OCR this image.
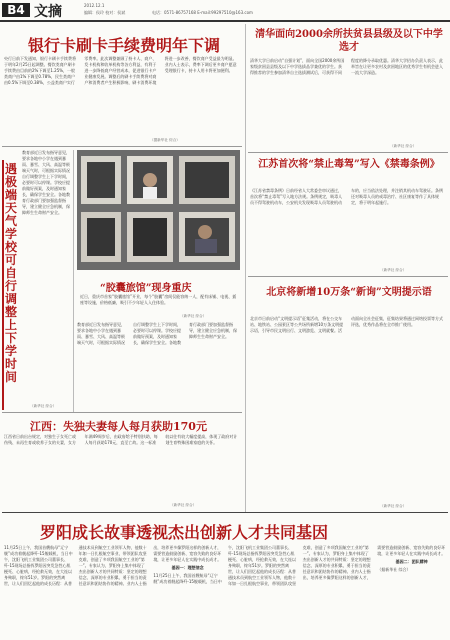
B4 文摘	2012.12.1
编辑：侯玲 校对：侯斌	电话：0571-86757168 E-mail:99297510@163.com
银行卡刷卡手续费明年下调

央行日前下发通知，银行卡刷卡手续费将于明年2月25日起调整。餐饮类商户刷卡手续费由目前的2%下调至1.25%，一般类商户由1%下调至0.78%，民生类商户由0.5%下调至0.38%，公益类商户实行零费率。此次调整兼顾了持卡人、商户、发卡机构和收单机构等各方利益，有利于进一步降低商户经营成本，促进银行卡产业健康发展。调整后的刷卡手续费将对商户和消费者产生积极影响，刷卡消费环境将进一步改善，餐饮商户受益最为明显。业内人士表示，费率下调后更多商户愿意受理银行卡，持卡人用卡将更加便利。

（据新华社 综合）
遇极端天气学校可自行调整上下学时间

教育部近日发布指导意见，要求各地中小学在遇到暴雨、暴雪、大风、高温等极端天气时，可根据实际情况自行调整学生上下学时间，必要时可以停课。学校应提前做好预案，及时通知家长，确保学生安全。各地教育行政部门要加强监督指导，建立健全应急机制，保障师生生命财产安全。

（新华社 综合）
“胶囊旅馆”现身重庆

近日，重庆市首家“胶囊旅馆”开业，每个“胶囊”房间仅能容纳一人，配有床铺、电视、插座等设施，价格低廉，吸引不少年轻人入住体验。

（新华社 综合）

教育部近日发布指导意见，要求各地中小学在遇到暴雨、暴雪、大风、高温等极端天气时，可根据实际情况自行调整学生上下学时间，必要时可以停课。学校应提前做好预案，及时通知家长，确保学生安全。各地教育行政部门要加强监督指导，建立健全应急机制，保障师生生命财产安全。

江西：失独夫妻每人每月获助170元

江西省日前出台规定，对独生子女死亡或伤残、未再生育或收养子女的夫妻，女方年满49周岁后，由政府给予特别扶助，每人每月获助170元，直至亡故。这一标准较以往有较大幅度提高，体现了政府对计划生育特殊困难家庭的关怀。

（新华社 综合）
清华面向2000余所扶贫县县级及以下中学选才

清华大学日前启动“自强计划”，面向全国2000余所国家级贫困县县级及以下中学选拔品学兼优的学生。获得推荐的学生参加清华自主选拔测试后，可获得不同程度的降分录取优惠。清华大学招办负责人表示，此举旨在让更多农村及贫困地区的优秀学生有机会进入一流大学深造。

（新华社 综合）
江苏首次将“禁止毒驾”写入《禁毒条例》

《江苏省禁毒条例》日前经省人大常委会审议通过，首次将“禁止毒驾”写入地方法规。条例规定，吸毒人员不得驾驶机动车，公安机关发现吸毒人员驾驶机动车的，应当依法处理，并注销其机动车驾驶证。条例还对吸毒人员的戒毒治疗、社区康复等作了具体规定，将于明年起施行。

（新华社 综合）
北京将新增10万条“新询”文明提示语

北京市日前启动“文明提示语”征集活动，将在公交车站、地铁站、公园景区等公共场所新增10万条文明提示语，引导市民文明出行、文明游览、文明就餐。活动面向全社会征集，征集结果将通过网络投票等方式评选，优秀作品将在全市推广使用。

（新华社 综合）
罗阳成长故事透视杰出创新人才共同基因

11月25日上午，我国首艘航母“辽宁舰”成功着舰起降歼-15舰载机，当日中午，沈阳飞机工业集团公司董事长、歼-15现场总指挥罗阳因突发急性心肌梗死、心脏病，经抢救无效，在大连以身殉职，终年51岁。罗阳的突然离世，让人们回忆起他的成长历程：从普通技术员到航空工业领军人物，他数十年如一日扎根航空事业，带领团队攻坚克难，创造了多项我国航空工业的“第一”。专家认为，罗阳身上集中体现了杰出创新人才的共同特质：坚定的理想信念、深厚的专业积累、勇于担当的责任意识和团结协作的精神。业内人士指出，培养更多像罗阳这样的创新人才，需要营造鼓励创新、宽容失败的良好环境，让更多年轻人在实践中成长成才。

基因一：理想信念

11月25日上午，我国首艘航母“辽宁舰”成功着舰起降歼-15舰载机，当日中午，沈阳飞机工业集团公司董事长、歼-15现场总指挥罗阳因突发急性心肌梗死、心脏病，经抢救无效，在大连以身殉职，终年51岁。罗阳的突然离世，让人们回忆起他的成长历程：从普通技术员到航空工业领军人物，他数十年如一日扎根航空事业，带领团队攻坚克难，创造了多项我国航空工业的“第一”。专家认为，罗阳身上集中体现了杰出创新人才的共同特质：坚定的理想信念、深厚的专业积累、勇于担当的责任意识和团结协作的精神。业内人士指出，培养更多像罗阳这样的创新人才，需要营造鼓励创新、宽容失败的良好环境，让更多年轻人在实践中成长成才。

基因二：团队精神

（据新华社 综合）
